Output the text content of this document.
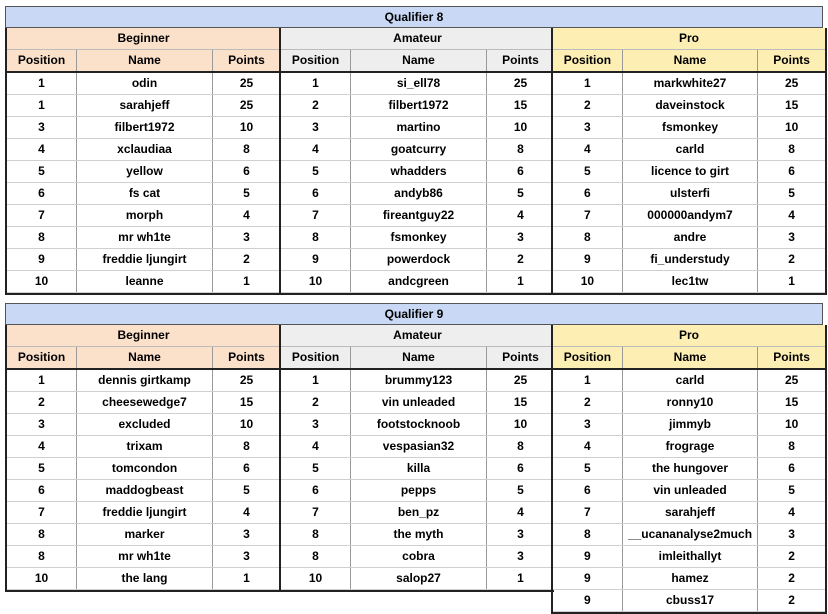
Qualifier 8
Beginner
Position	Name	Points
1	odin	25
1	sarahjeff	25
3	filbert1972	10
4	xclaudiaa	8
5	yellow	6
6	fs cat	5
7	morph	4
8	mr wh1te	3
9	freddie ljungirt	2
10	leanne	1
Amateur
Position	Name	Points
1	si_ell78	25
2	filbert1972	15
3	martino	10
4	goatcurry	8
5	whadders	6
6	andyb86	5
7	fireantguy22	4
8	fsmonkey	3
9	powerdock	2
10	andcgreen	1
Pro
Position	Name	Points
1	markwhite27	25
2	daveinstock	15
3	fsmonkey	10
4	carld	8
5	licence to girt	6
6	ulsterfi	5
7	000000andym7	4
8	andre	3
9	fi_understudy	2
10	lec1tw	1
Qualifier 9
Beginner
Position	Name	Points
1	dennis girtkamp	25
2	cheesewedge7	15
3	excluded	10
4	trixam	8
5	tomcondon	6
6	maddogbeast	5
7	freddie ljungirt	4
8	marker	3
8	mr wh1te	3
10	the lang	1
Amateur
Position	Name	Points
1	brummy123	25
2	vin unleaded	15
3	footstocknoob	10
4	vespasian32	8
5	killa	6
6	pepps	5
7	ben_pz	4
8	the myth	3
8	cobra	3
10	salop27	1
Pro
Position	Name	Points
1	carld	25
2	ronny10	15
3	jimmyb	10
4	frograge	8
5	the hungover	6
6	vin unleaded	5
7	sarahjeff	4
8	__ucananalyse2much	3
9	imleithallyt	2
9	hamez	2
9	cbuss17	2
